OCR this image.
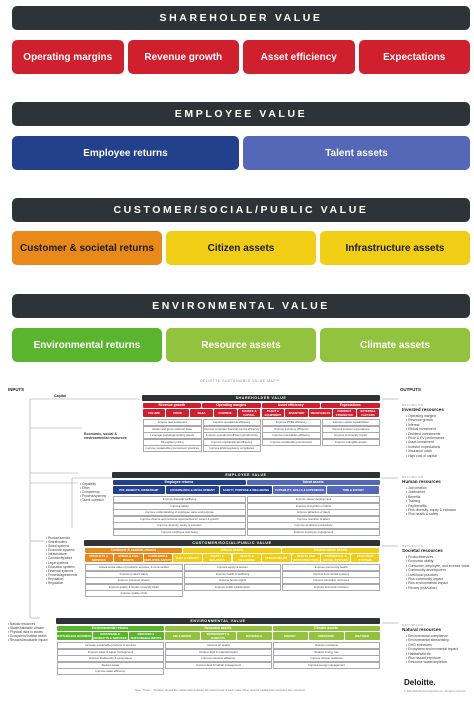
SHAREHOLDER VALUE
Operating margins	Revenue growth	Asset efficiency	Expectations
EMPLOYEE VALUE
Employee returns	Talent assets
CUSTOMER/SOCIAL/PUBLIC VALUE
Customer & societal returns	Citizen assets	Infrastructure assets
ENVIRONMENTAL VALUE
Environmental returns	Resource assets	Climate assets
DELOITTE SUSTAINABLE VALUE MAP™
INPUTS	OUTPUTS
Capital
Economic, social & environmental resources
• Capability
• Effort
• Competency
• Process/systems
• Talent outreach
• Product/service
• Shareholders
• Social systems
• Economic systems
• Infrastructure
• Community/cities
• Legal systems
• Education systems
• Financial systems
• Process/agreements
• Reputation
• Regulation
• Natural resources
• Stable/habitable climate
• Physical risks to assets
• Ecosystem/ habitat health
• Reduced/avoidable impact
SHAREHOLDER VALUE
Revenue growth	Operating margins	Asset efficiency	Expectations
VOLUME	PRICE	SG&A	CONTROL	SOURCE & CAPITAL
PLANT & EQUIPMENT	INVENTORY	RECEIVABLES	COMPANY STRENGTHS
EXTERNAL FACTORS
Acquire new customers	Improve operational efficiency	Improve PP&E efficiency	Improve market capitalization
Retain and grow customer base	Improve corporate financial control efficiency	Improve inventory efficiency	Improve investor expectations
Leverage market/generating assets	Improve operational efficiency/productivity	Improve receivables efficiency	Improve community impact
Strengthen pricing	Improve organizational efficiency	Improve sustainable procurement	Improve intangible assets
Improve sustainable procurement practices	Improve ESG/regulatory compliance
EMPLOYEE VALUE
Employee returns	Talent assets
PAY, BENEFITS, OWNERSHIP	GOVERNANCE & DEVELOPMENT	SAFETY, PURPOSE & WELLBEING	CAPABILITY, SKILLS & EXPERIENCE	TIME & EFFORT
Improve financial wellbeing	Improve career development
Improve safety	Improve recognition of talent
Improve understanding of employee value and purpose	Improve attraction of talent
Improve diverse and inclusive opportunities for career & growth	Improve retention of talent
Improve diversity, equity & inclusion	Improve workforce productivity
Improve employee well-being	Improve employee engagement
CUSTOMER/SOCIAL/PUBLIC VALUE
Customer & societal returns	Citizen assets	Infrastructure assets
PRODUCTS & SERVICES
HUMAN & CIVIL RIGHTS
CONSUMER & EMPLOYEE SAFETY	DATA & PRIVACY	EQUITY & INCLUSION
HEALTH & WELLBEING	HUMAN RIGHTS	HEALTH AND INFRASTRUCTURE
COMMERCIAL & SOCIAL SYSTEMS
EDUCATION SYSTEMS
Unlock social value of products, services, & communities	Improve equity & access	Improve community health
Improve product safety	Improve health & wellbeing	Improve commercial systems
Improve customer privacy	Improve human rights	Improve education outcomes
Improve quality & impact of supply chain	Improve public infrastructure	Improve economic inclusion
Improve quality of life
ENVIRONMENTAL VALUE
Environmental returns	Resource assets	Climate assets
SUSTAINABLE BUSINESS	SUSTAINABLE PRODUCTS & SERVICES
REDUCED & SUSTAINABLE INPUTS	AIR & WATER	BIODIVERSITY & HABITATS	MATERIALS	ENERGY	EMISSIONS	WEATHER
Increase sustainable products & services	Improve air quality	Reduce emissions
Improve water & waste management	Reduce land & material impact	Reduce energy use
Improve biodiversity & ecosystems	Improve resource efficiency	Improve climate resilience
Reduce waste	Improve land & habitat management	Improve energy management
Improve water efficiency
RETURN ON
Invested resources
• Operating margins
• Revenue growth
• Interest
• Ethical investment
• Dividend investments
• Price & EV performance
• Asset investment
• Investor expectations
• Insurance costs
• High cost of capital
RETURN ON
Human resources
• Job creation
• Job/market
• Benefits
• Training
• Pay/benefits
• Plus diversity, equity & inclusion
• Plus health & safety
RETURN ON
Societal resources
• Product/services
• Economic vitality
• Consumer, employee, and investor costs
• Community development
• Livelihood practices
• Plus community impact
• Plus environmental impact
• Privacy (risk/value)
RETURN ON
Natural resources
• Environmental compliance
• Environmental stewardship
• GHG emissions
• Ecosystem environmental impact
• Habitat/wild life
• Plus hazard exposure
• Resource waste/depletion
Note: "Flow" - "Outflow" shows the relationship between the lowest level of each value driver and the capital that comprises the resources
Deloitte.
© 2024 Deloitte Development LLC. All rights reserved.
